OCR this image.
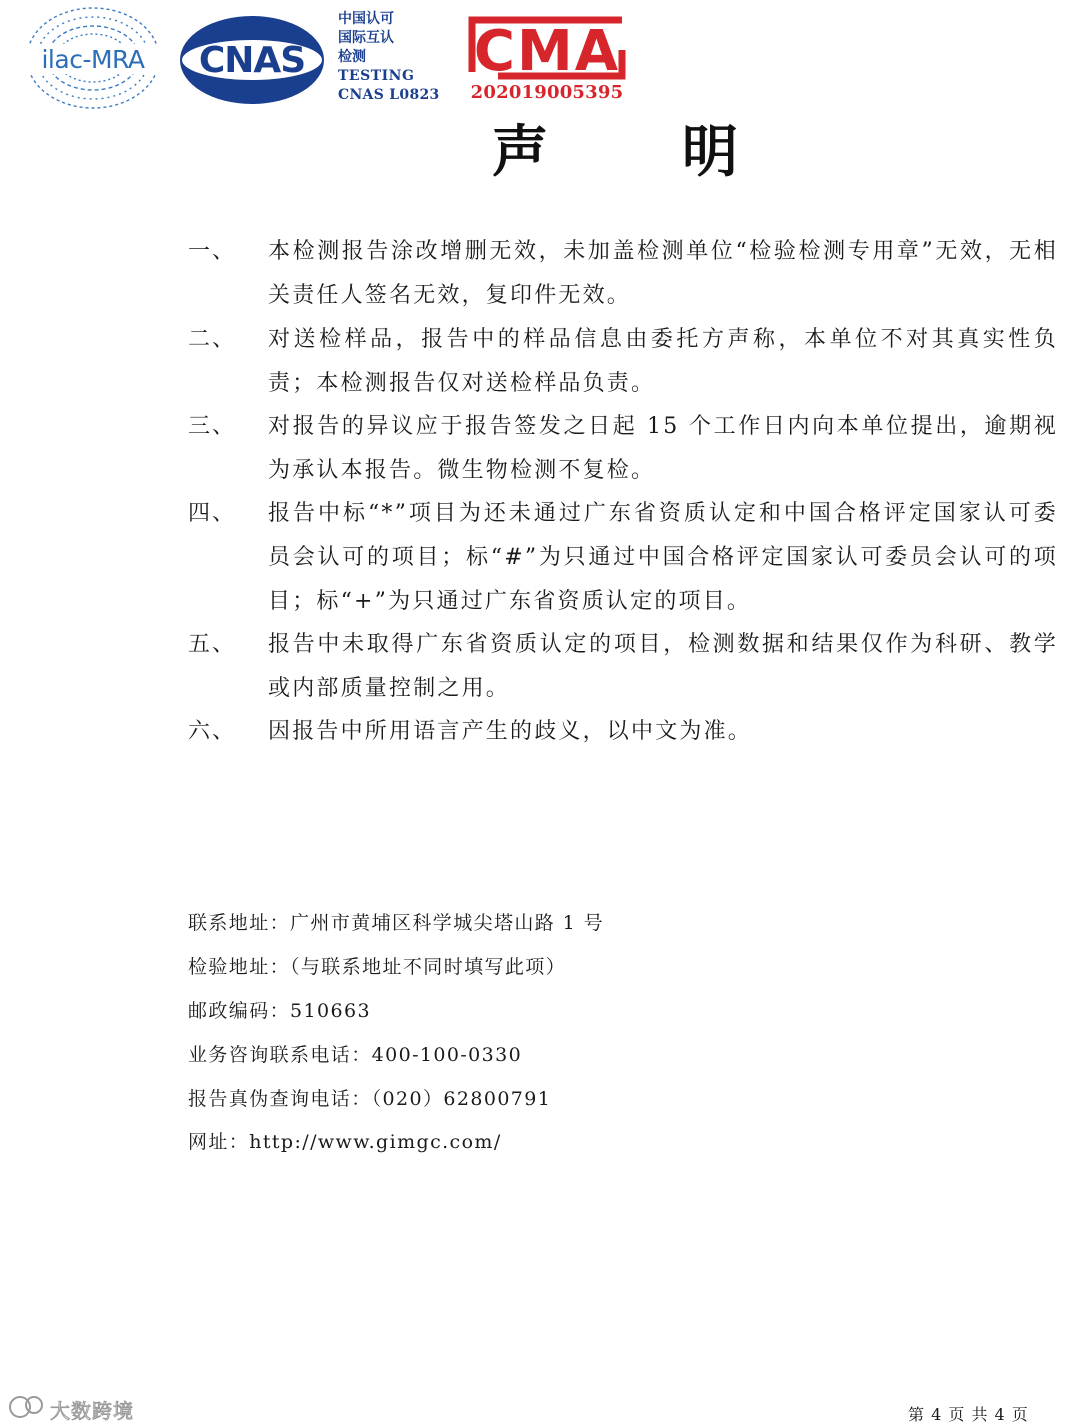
ilac-MRA CNAS
中国认可
国际互认
检测
TESTING
CNAS L0823
CMA
202019005395
声 明
一、 本检测报告涂改增删无效，未加盖检测单位“检验检测专用章”无效，无相关责任人签名无效，复印件无效。
二、 对送检样品，报告中的样品信息由委托方声称，本单位不对其真实性负责；本检测报告仅对送检样品负责。
三、 对报告的异议应于报告签发之日起 15 个工作日内向本单位提出，逾期视为承认本报告。微生物检测不复检。
四、 报告中标“*”项目为还未通过广东省资质认定和中国合格评定国家认可委员会认可的项目；标“#”为只通过中国合格评定国家认可委员会认可的项目；标“+”为只通过广东省资质认定的项目。
五、 报告中未取得广东省资质认定的项目，检测数据和结果仅作为科研、教学或内部质量控制之用。
六、 因报告中所用语言产生的歧义，以中文为准。
联系地址：广州市黄埔区科学城尖塔山路 1 号
检验地址：（与联系地址不同时填写此项）
邮政编码：510663
业务咨询联系电话：400-100-0330
报告真伪查询电话：（020）62800791
网址：http://www.gimgc.com/
大数跨境	第 4 页 共 4 页
